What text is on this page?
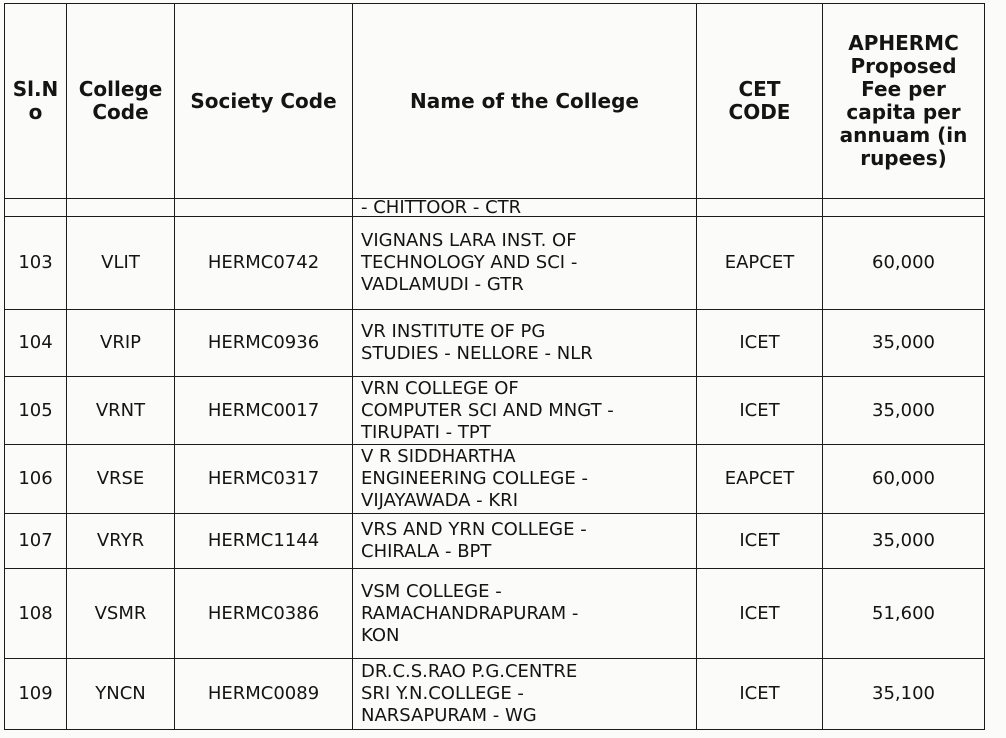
Sl.No	College Code	Society Code	Name of the College	CET CODE	APHERMC Proposed Fee per capita per annuam (in rupees)
			- CHITTOOR - CTR		
103	VLIT	HERMC0742	VIGNANS LARA INST. OF
TECHNOLOGY AND SCI -
VADLAMUDI - GTR	EAPCET	60,000
104	VRIP	HERMC0936	VR INSTITUTE OF PG
STUDIES - NELLORE - NLR	ICET	35,000
105	VRNT	HERMC0017	VRN COLLEGE OF
COMPUTER SCI AND MNGT -
TIRUPATI - TPT	ICET	35,000
106	VRSE	HERMC0317	V R SIDDHARTHA
ENGINEERING COLLEGE -
VIJAYAWADA - KRI	EAPCET	60,000
107	VRYR	HERMC1144	VRS AND YRN COLLEGE -
CHIRALA - BPT	ICET	35,000
108	VSMR	HERMC0386	VSM COLLEGE -
RAMACHANDRAPURAM -
KON	ICET	51,600
109	YNCN	HERMC0089	DR.C.S.RAO P.G.CENTRE
SRI Y.N.COLLEGE -
NARSAPURAM - WG	ICET	35,100
